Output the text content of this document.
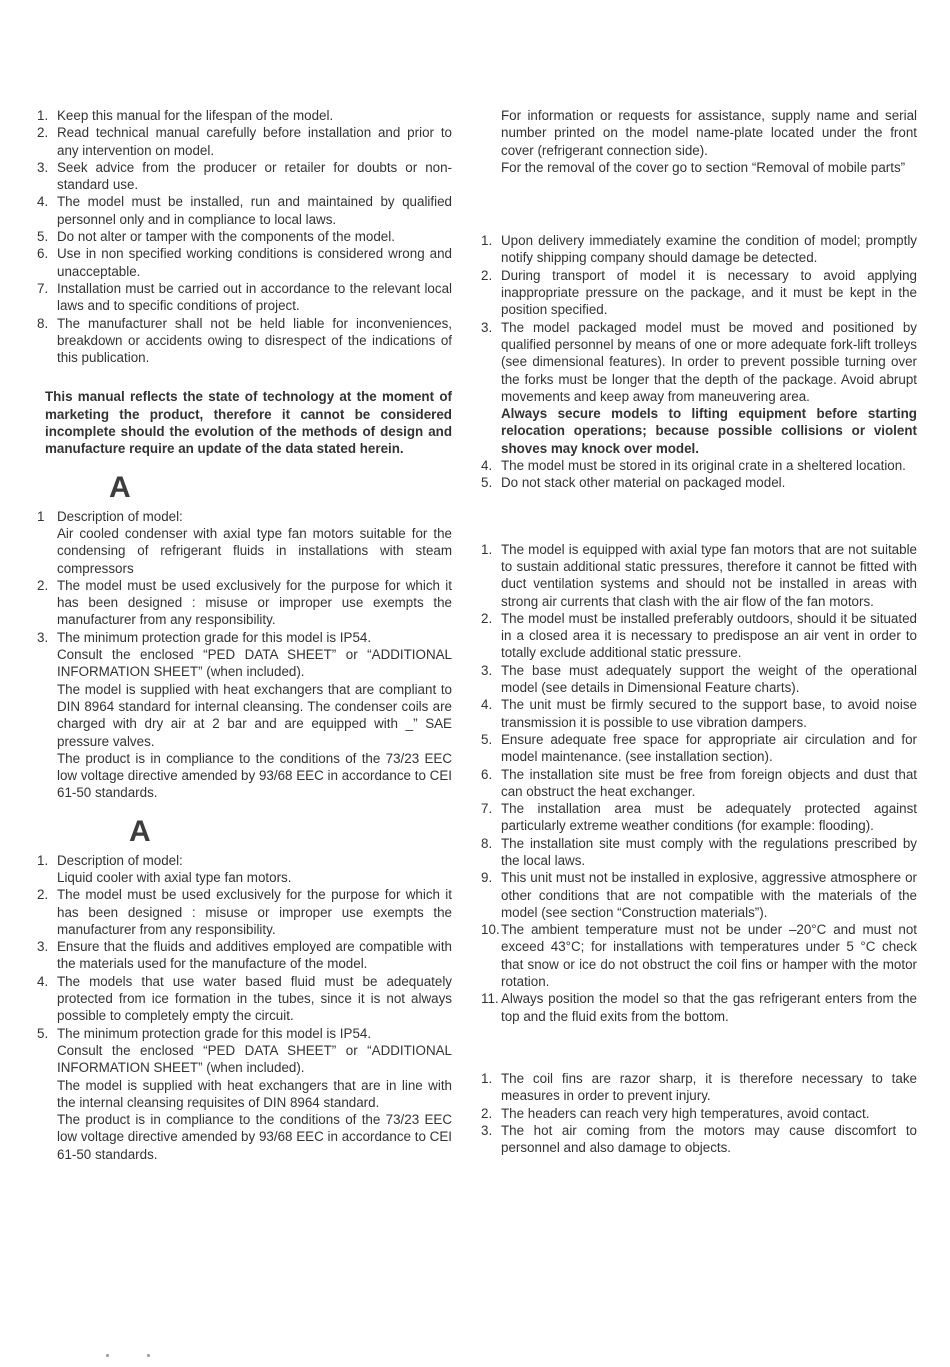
1. Keep this manual for the lifespan of the model.

2. Read technical manual carefully before installation and prior to any intervention on model.

3. Seek advice from the producer or retailer for doubts or non-standard use.

4. The model must be installed, run and maintained by qualified personnel only and in compliance to local laws.

5. Do not alter or tamper with the components of the model.

6. Use in non specified working conditions is considered wrong and unacceptable.

7. Installation must be carried out in accordance to the relevant local laws and to specific conditions of project.

8. The manufacturer shall not be held liable for inconveniences, breakdown or accidents owing to disrespect of the indications of this publication.

This manual reflects the state of technology at the moment of marketing the product, therefore it cannot be considered incomplete should the evolution of the methods of design and manufacture require an update of the data stated herein.

A
1 Description of model:

Air cooled condenser with axial type fan motors suitable for the condensing of refrigerant fluids in installations with steam compressors

2. The model must be used exclusively for the purpose for which it has been designed : misuse or improper use exempts the manufacturer from any responsibility.

3. The minimum protection grade for this model is IP54.

Consult the enclosed “PED DATA SHEET” or “ADDITIONAL INFORMATION SHEET” (when included).

The model is supplied with heat exchangers that are compliant to DIN 8964 standard for internal cleansing. The condenser coils are charged with dry air at 2 bar and are equipped with _” SAE pressure valves.

The product is in compliance to the conditions of the 73/23 EEC low voltage directive amended by 93/68 EEC in accordance to CEI 61-50 standards.

A
1. Description of model:

Liquid cooler with axial type fan motors.

2. The model must be used exclusively for the purpose for which it has been designed : misuse or improper use exempts the manufacturer from any responsibility.

3. Ensure that the fluids and additives employed are compatible with the materials used for the manufacture of the model.

4. The models that use water based fluid must be adequately protected from ice formation in the tubes, since it is not always possible to completely empty the circuit.

5. The minimum protection grade for this model is IP54.

Consult the enclosed “PED DATA SHEET” or “ADDITIONAL INFORMATION SHEET” (when included).

The model is supplied with heat exchangers that are in line with the internal cleansing requisites of DIN 8964 standard.

The product is in compliance to the conditions of the 73/23 EEC low voltage directive amended by 93/68 EEC in accordance to CEI 61-50 standards.

For information or requests for assistance, supply name and serial number printed on the model name-plate located under the front cover (refrigerant connection side).

For the removal of the cover go to section “Removal of mobile parts”

1. Upon delivery immediately examine the condition of model; promptly notify shipping company should damage be detected.

2. During transport of model it is necessary to avoid applying inappropriate pressure on the package, and it must be kept in the position specified.

3. The model packaged model must be moved and positioned by qualified personnel by means of one or more adequate fork-lift trolleys (see dimensional features). In order to prevent possible turning over the forks must be longer that the depth of the package. Avoid abrupt movements and keep away from maneuvering area.

Always secure models to lifting equipment before starting relocation operations; because possible collisions or violent shoves may knock over model.

4. The model must be stored in its original crate in a sheltered location.

5. Do not stack other material on packaged model.

1. The model is equipped with axial type fan motors that are not suitable to sustain additional static pressures, therefore it cannot be fitted with duct ventilation systems and should not be installed in areas with strong air currents that clash with the air flow of the fan motors.

2. The model must be installed preferably outdoors, should it be situated in a closed area it is necessary to predispose an air vent in order to totally exclude additional static pressure.

3. The base must adequately support the weight of the operational model (see details in Dimensional Feature charts).

4. The unit must be firmly secured to the support base, to avoid noise transmission it is possible to use vibration dampers.

5. Ensure adequate free space for appropriate air circulation and for model maintenance. (see installation section).

6. The installation site must be free from foreign objects and dust that can obstruct the heat exchanger.

7. The installation area must be adequately protected against particularly extreme weather conditions (for example: flooding).

8. The installation site must comply with the regulations prescribed by the local laws.

9. This unit must not be installed in explosive, aggressive atmosphere or other conditions that are not compatible with the materials of the model (see section “Construction materials”).

10. The ambient temperature must not be under –20°C and must not exceed 43°C; for installations with temperatures under 5 °C check that snow or ice do not obstruct the coil fins or hamper with the motor rotation.

11. Always position the model so that the gas refrigerant enters from the top and the fluid exits from the bottom.

1. The coil fins are razor sharp, it is therefore necessary to take measures in order to prevent injury.

2. The headers can reach very high temperatures, avoid contact.

3. The hot air coming from the motors may cause discomfort to personnel and also damage to objects.
